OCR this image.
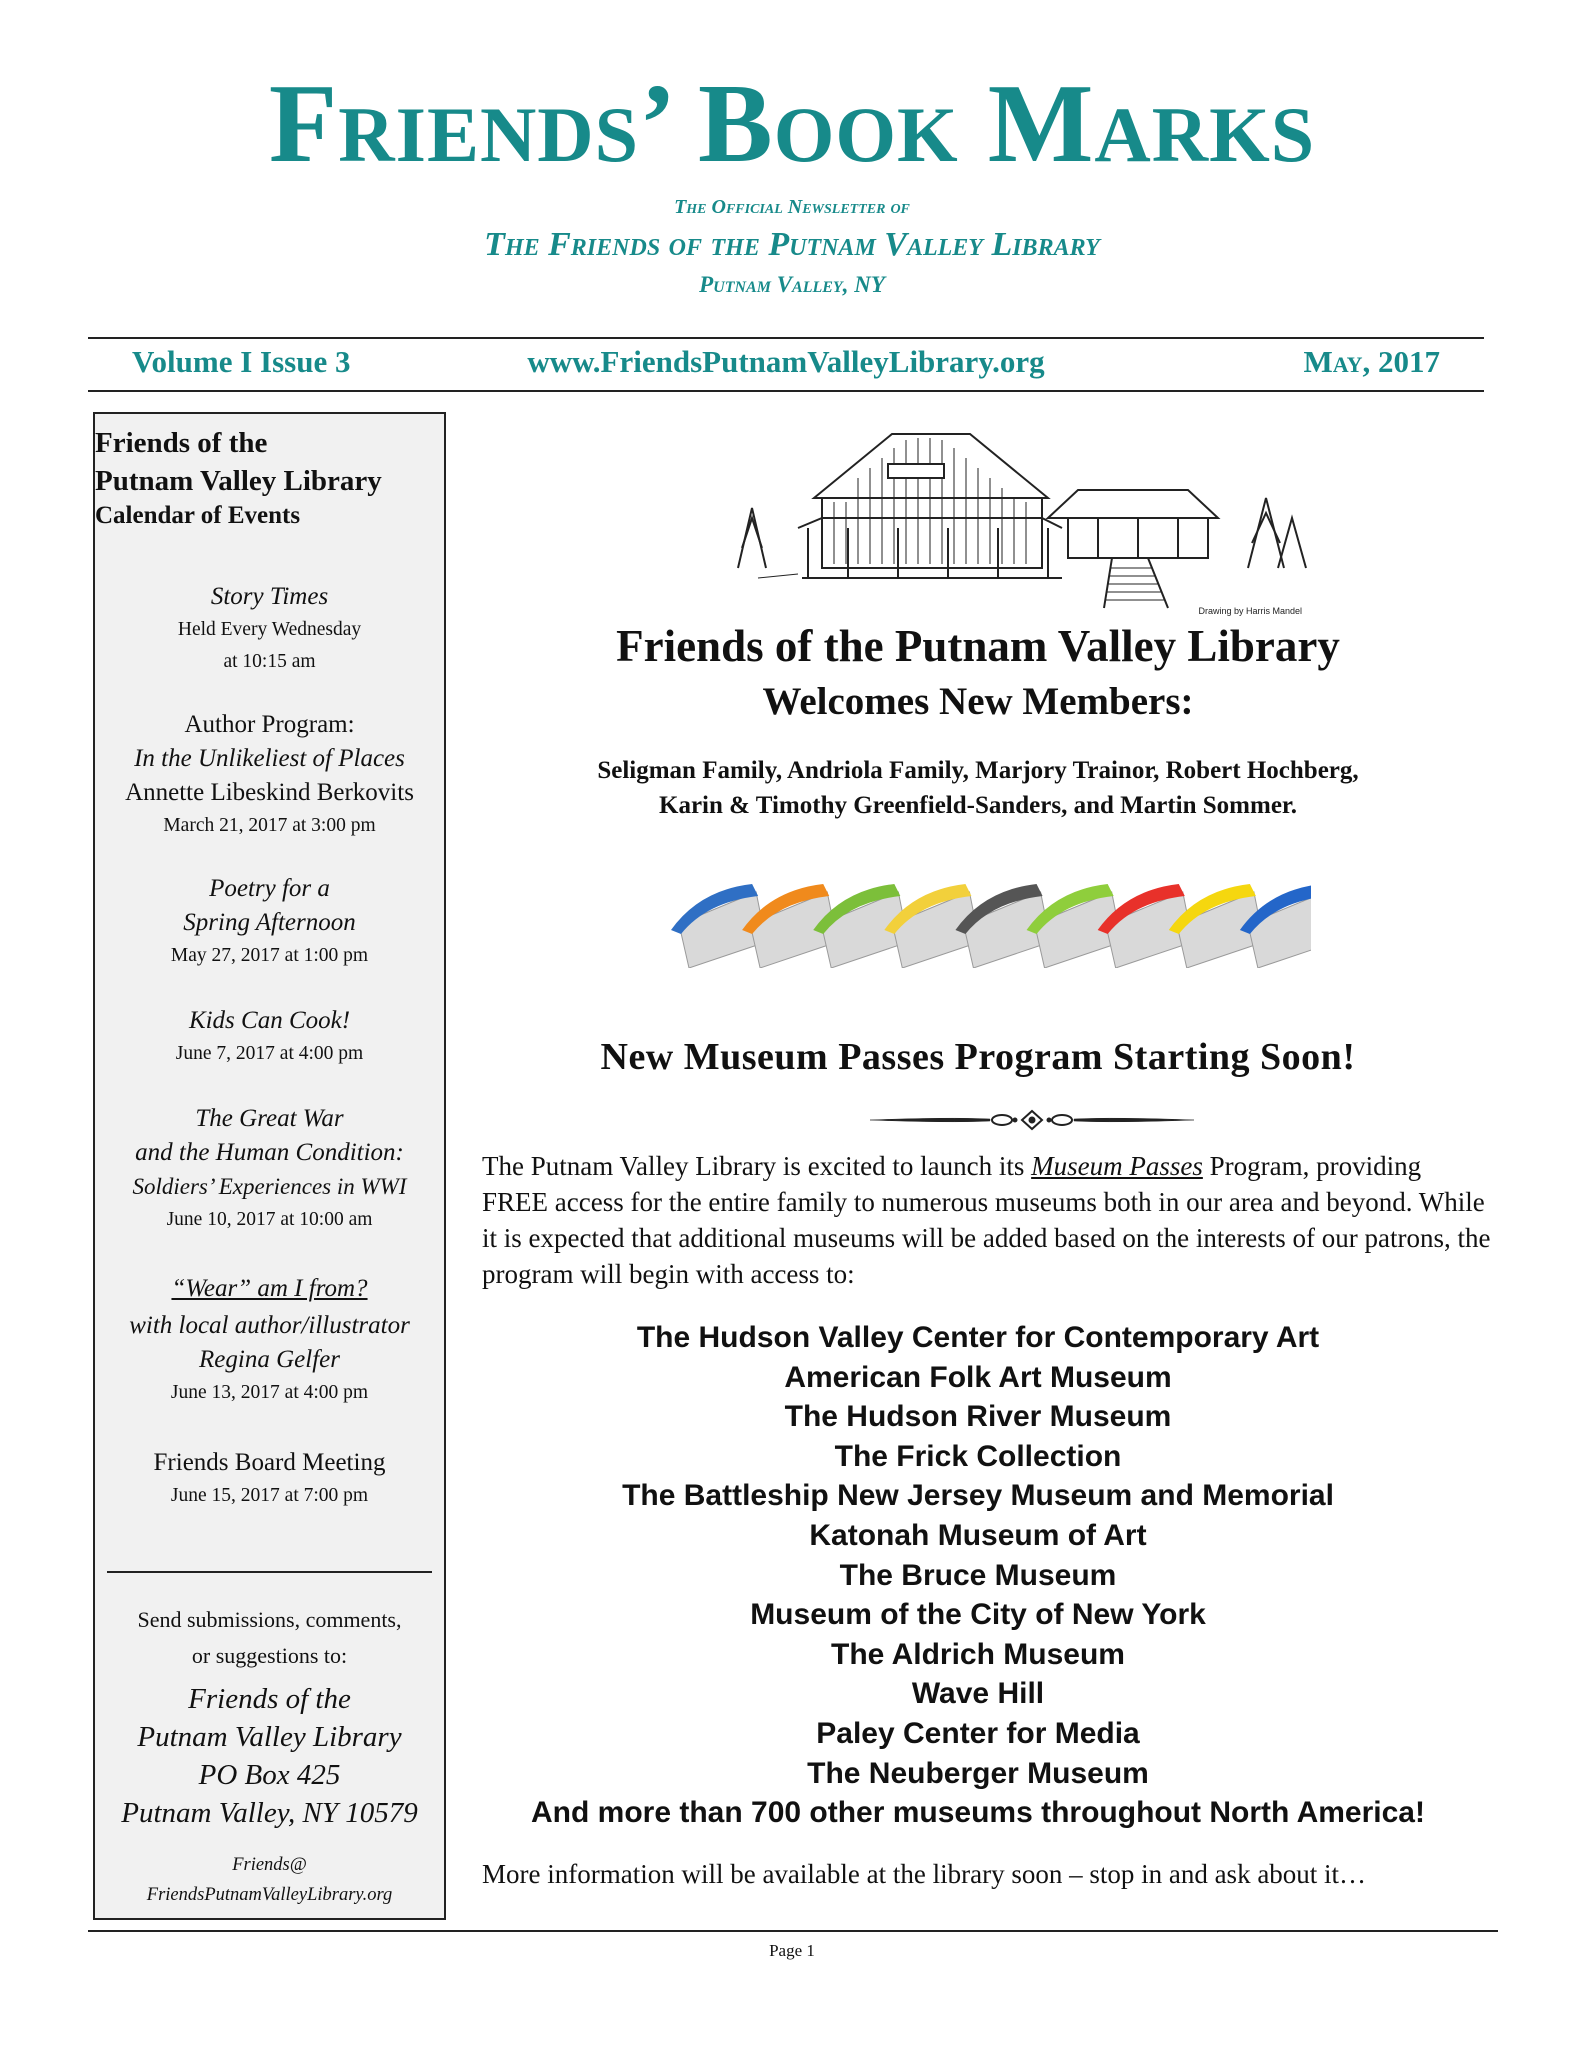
Friends’ Book Marks
The Official Newsletter of
The Friends of the Putnam Valley Library
Putnam Valley, NY
Volume I Issue 3	www.FriendsPutnamValleyLibrary.org	May, 2017
Friends of the
Putnam Valley Library
Calendar of Events
Story Times
Held Every Wednesday
at 10:15 am
Author Program:
In the Unlikeliest of Places
Annette Libeskind Berkovits
March 21, 2017 at 3:00 pm
Poetry for a
Spring Afternoon
May 27, 2017 at 1:00 pm
Kids Can Cook!
June 7, 2017 at 4:00 pm
The Great War
and the Human Condition:
Soldiers’ Experiences in WWI
June 10, 2017 at 10:00 am
“Wear” am I from?
with local author/illustrator
Regina Gelfer
June 13, 2017 at 4:00 pm
Friends Board Meeting
June 15, 2017 at 7:00 pm
Send submissions, comments,
or suggestions to:
Friends of the
Putnam Valley Library
PO Box 425
Putnam Valley, NY 10579
Friends@
FriendsPutnamValleyLibrary.org
Drawing by Harris Mandel
Friends of the Putnam Valley Library
Welcomes New Members:
Seligman Family, Andriola Family, Marjory Trainor, Robert Hochberg,
Karin & Timothy Greenfield-Sanders, and Martin Sommer.
New Museum Passes Program Starting Soon!
The Putnam Valley Library is excited to launch its Museum Passes Program, providing FREE access for the entire family to numerous museums both in our area and beyond. While it is expected that additional museums will be added based on the interests of our patrons, the program will begin with access to:
The Hudson Valley Center for Contemporary Art
American Folk Art Museum
The Hudson River Museum
The Frick Collection
The Battleship New Jersey Museum and Memorial
Katonah Museum of Art
The Bruce Museum
Museum of the City of New York
The Aldrich Museum
Wave Hill
Paley Center for Media
The Neuberger Museum
And more than 700 other museums throughout North America!
More information will be available at the library soon – stop in and ask about it…
Page 1
